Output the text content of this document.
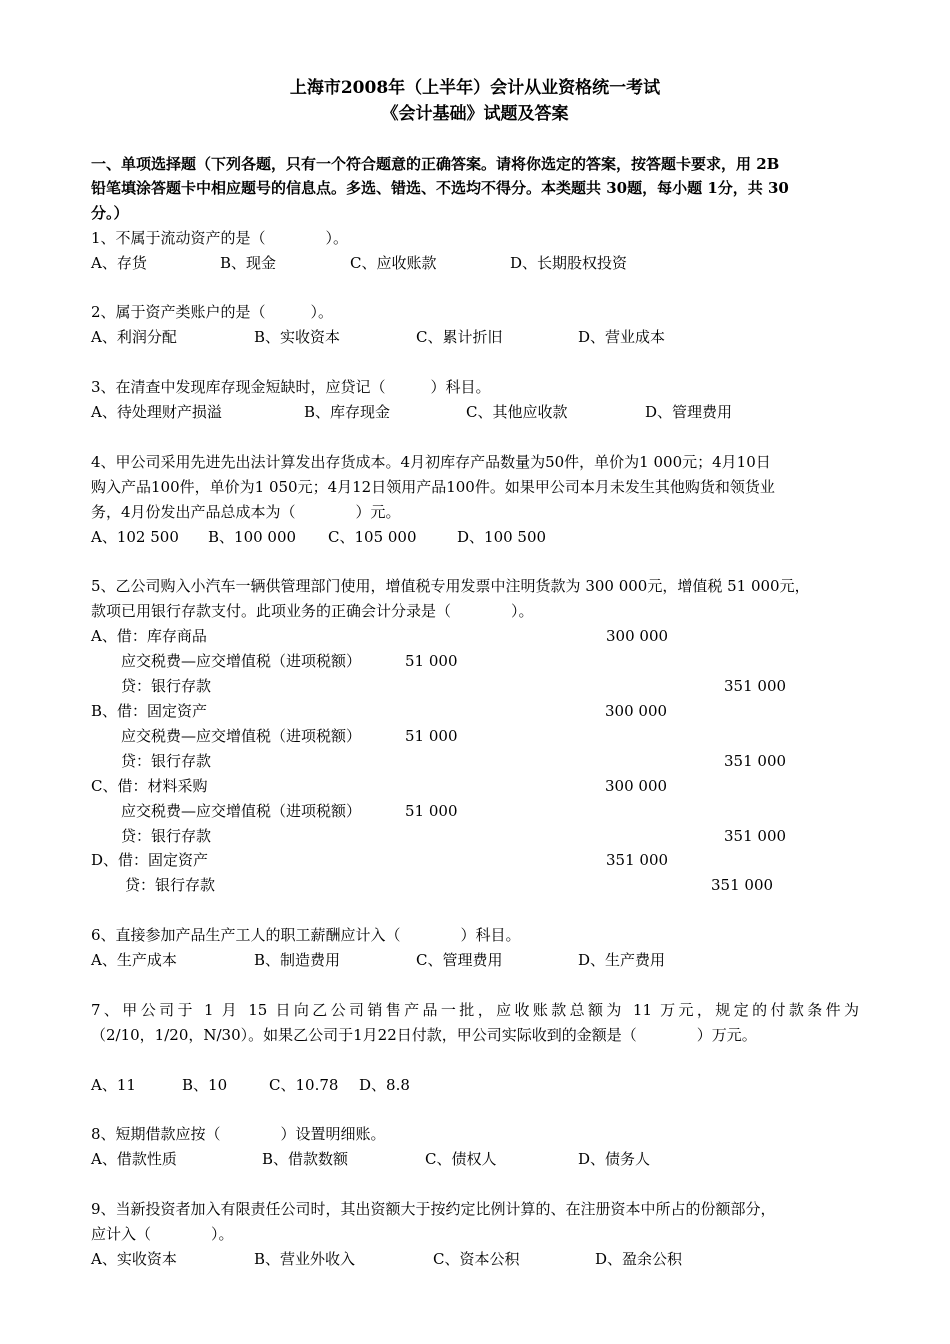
上海市2008年（上半年）会计从业资格统一考试
《会计基础》试题及答案
一、单项选择题（下列各题，只有一个符合题意的正确答案。请将你选定的答案，按答题卡要求，用 2B
铅笔填涂答题卡中相应题号的信息点。多选、错选、不选均不得分。本类题共 30题，每小题 1分，共 30
分。）
1、不属于流动资产的是（　　　　）。
A、存货	B、现金	C、应收账款	D、长期股权投资
2、属于资产类账户的是（　　　）。
A、利润分配	B、实收资本	C、累计折旧	D、营业成本
3、在清查中发现库存现金短缺时，应贷记（　　　）科目。
A、待处理财产损溢	B、库存现金	C、其他应收款	D、管理费用
4、甲公司采用先进先出法计算发出存货成本。4月初库存产品数量为50件，单价为1 000元；4月10日
购入产品100件，单价为1 050元；4月12日领用产品100件。如果甲公司本月未发生其他购货和领货业
务，4月份发出产品总成本为（　　　　）元。
A、102 500 B、100 000 C、105 000	D、100 500
5、乙公司购入小汽车一辆供管理部门使用，增值税专用发票中注明货款为 300 000元，增值税 51 000元，
款项已用银行存款支付。此项业务的正确会计分录是（　　　　）。
A、借：库存商品	300 000
应交税费—应交增值税（进项税额）	51 000
贷：银行存款	351 000
B、借：固定资产	300 000
应交税费—应交增值税（进项税额）	51 000
贷：银行存款	351 000
C、借：材料采购	300 000
应交税费—应交增值税（进项税额）	51 000
贷：银行存款	351 000
D、借：固定资产	351 000
贷：银行存款	351 000
6、直接参加产品生产工人的职工薪酬应计入（　　　　）科目。
A、生产成本	B、制造费用	C、管理费用	D、生产费用
7、甲公司于 1 月 15 日向乙公司销售产品一批，应收账款总额为 11 万元，规定的付款条件为
（2/10，1/20，N/30）。如果乙公司于1月22日付款，甲公司实际收到的金额是（　　　　）万元。
A、11	B、10	C、10.78 D、8.8
8、短期借款应按（　　　　）设置明细账。
A、借款性质	B、借款数额	C、债权人	D、债务人
9、当新投资者加入有限责任公司时，其出资额大于按约定比例计算的、在注册资本中所占的份额部分，
应计入（　　　　）。
A、实收资本	B、营业外收入	C、资本公积	D、盈余公积
